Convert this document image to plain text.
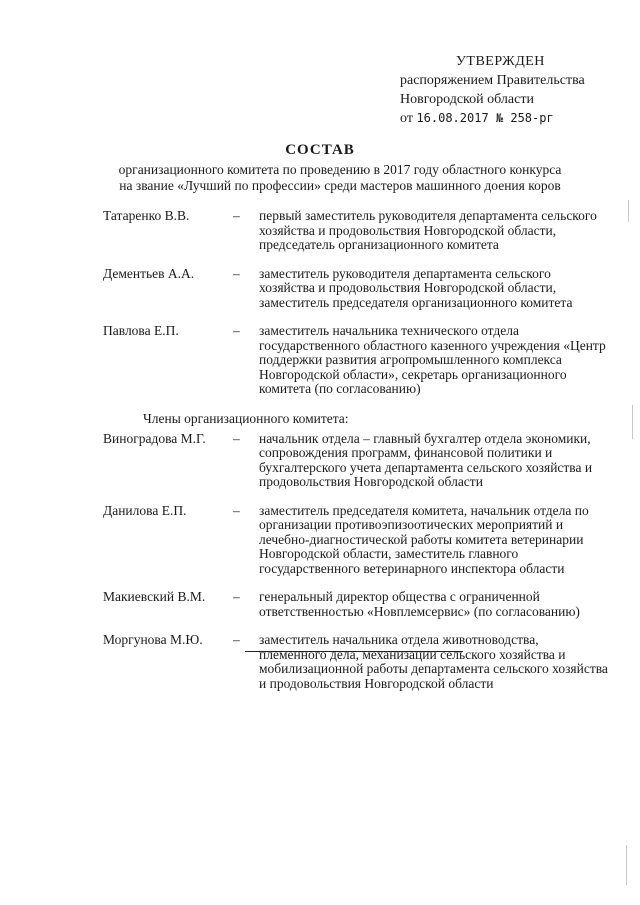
УТВЕРЖДЕН
распоряжением Правительства
Новгородской области
от 16.08.2017 № 258-рг
СОСТАВ
организационного комитета по проведению в 2017 году областного конкурса
на звание «Лучший по профессии» среди мастеров машинного доения коров
Татаренко В.В.	–	первый заместитель руководителя департамента сельского хозяйства и продовольствия Новгородской области, председатель организационного комитета
Дементьев А.А.	–	заместитель руководителя департамента сельского хозяйства и продовольствия Новгородской области, заместитель председателя организационного комитета
Павлова Е.П.	–	заместитель начальника технического отдела государственного областного казенного учреждения «Центр поддержки развития агропромышленного комплекса Новгородской области», секретарь организационного комитета (по согласованию)
Члены организационного комитета:
Виноградова М.Г.	–	начальник отдела – главный бухгалтер отдела экономики, сопровождения программ, финансовой политики и бухгалтерского учета департамента сельского хозяйства и продовольствия Новгородской области
Данилова Е.П.	–	заместитель председателя комитета, начальник отдела по организации противоэпизоотических мероприятий и лечебно-диагностической работы комитета ветеринарии Новгородской области, заместитель главного государственного ветеринарного инспектора области
Макиевский В.М.	–	генеральный директор общества с ограниченной ответственностью «Новплемсервис» (по согласованию)
Моргунова М.Ю.	–	заместитель начальника отдела животноводства, племенного дела, механизации сельского хозяйства и мобилизационной работы департамента сельского хозяйства и продовольствия Новгородской области
